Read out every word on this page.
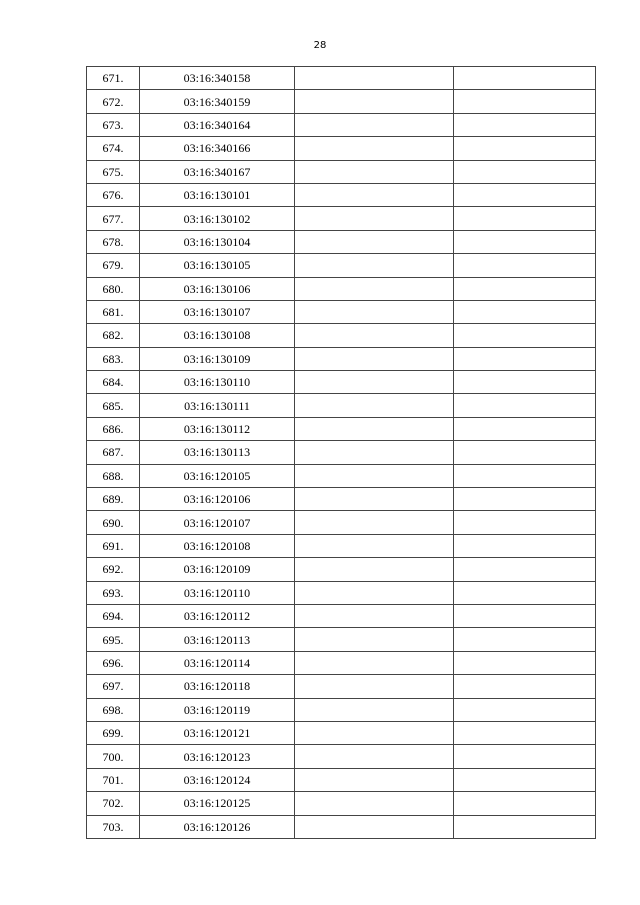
28
671.	03:16:340158		
672.	03:16:340159		
673.	03:16:340164		
674.	03:16:340166		
675.	03:16:340167		
676.	03:16:130101		
677.	03:16:130102		
678.	03:16:130104		
679.	03:16:130105		
680.	03:16:130106		
681.	03:16:130107		
682.	03:16:130108		
683.	03:16:130109		
684.	03:16:130110		
685.	03:16:130111		
686.	03:16:130112		
687.	03:16:130113		
688.	03:16:120105		
689.	03:16:120106		
690.	03:16:120107		
691.	03:16:120108		
692.	03:16:120109		
693.	03:16:120110		
694.	03:16:120112		
695.	03:16:120113		
696.	03:16:120114		
697.	03:16:120118		
698.	03:16:120119		
699.	03:16:120121		
700.	03:16:120123		
701.	03:16:120124		
702.	03:16:120125		
703.	03:16:120126		
